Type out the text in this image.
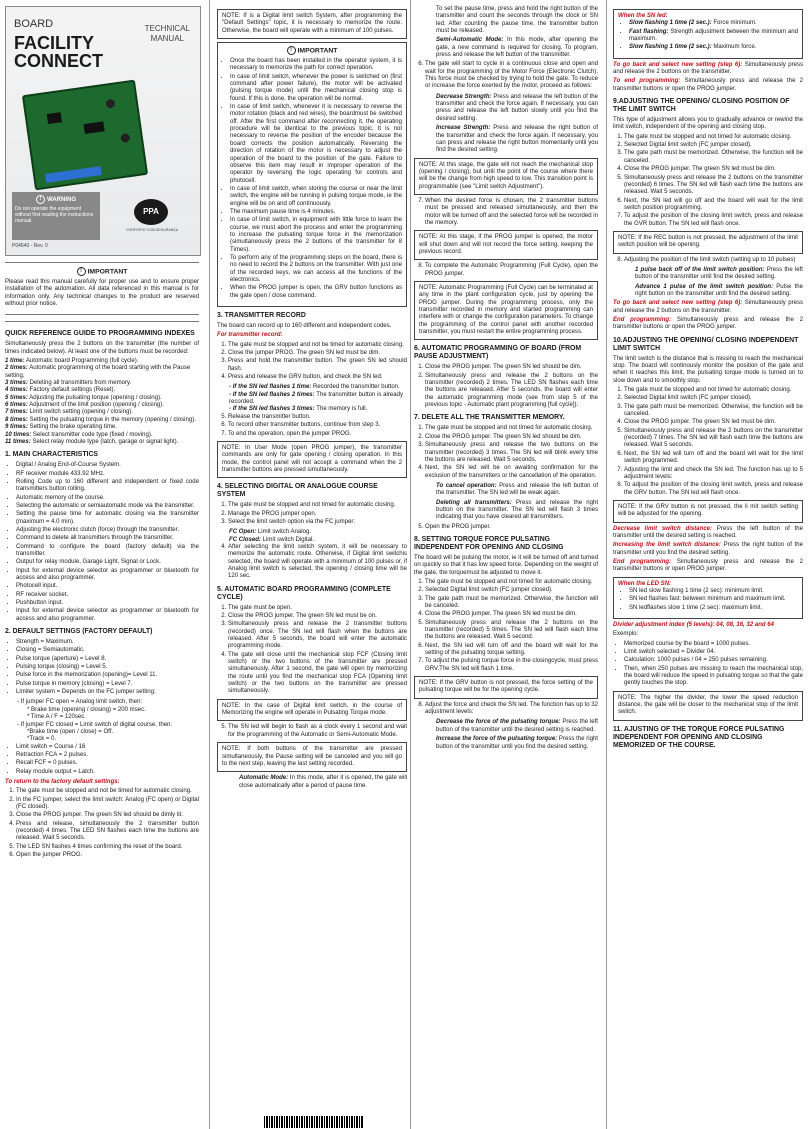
BOARD
FACILITY
CONNECT
TECHNICAL
MANUAL
! WARNING
Do not operate the equipment without first reading the instructions manual.
PPA
CONFORTO COM SEGURANÇA
P04640 - Rev. 0
! IMPORTANT

Please read this manual carefully for proper use and to ensure proper installation of the automation. All data referenced in this manual is for information only. Any technical changes to the product are reserved without prior notice.

QUICK REFERENCE GUIDE TO PROGRAMMING INDEXES

Simultaneously press the 2 buttons on the transmitter (the number of times indicated below). At least one of the buttons must be recorded:

1 time: Automatic board Programming (full cycle).
2 times: Automatic programming of the board starting with the Pause setting.
3 times: Deleting all transmitters from memory.
4 times: Factory default settings (Reset).
5 times: Adjusting the pulsating torque (opening / closing).
6 times: Adjustment of the limit position (opening / closing).
7 times: Limit switch setting (opening / closing).
8 times: Setting the pulsating torque in the memory (opening / closing).
9 times: Setting the brake operating time.
10 times: Select transmitter code type (fixed / moving).
11 times: Select relay module type (latch, garage or signal light).
1. MAIN CHARACTERISTICS
• Digital / Analog End-of-Course System.
• RF receiver module 433.92 MHz.
• Rolling Code up to 160 different and independent or fixed code transmitters button rolling.
• Automatic memory of the course.
• Selecting the automatic or semiautomatic mode via the transmitter.
• Setting the pause time for automatic closing via the transmitter (maximum = 4.0 min).
• Adjusting the electronic clutch (force) through the transmitter.
• Command to delete all transmitters through the transmitter.
• Command to configure the board (factory default) via the transmitter.
• Output for relay module, Garage Light, Signal or Lock.
• Input for external device selector as programmer or bluetooth for access and also programmer.
• Photocell input.
• RF receiver socket.
• Pushbutton input.
• Input for external device selector as programmer or bluetooth for access and also programmer.
2. DEFAULT SETTINGS (FACTORY DEFAULT)
• Strength = Maximum.
• Closing = Semiautomatic.
• Pulse torque (aperture) = Level 8.
• Pulsing torque (closing) = Level 5.
• Pulse force in the memorization (opening)= Level 11.
• Pulse torque in memory (closing) = Level 7.
• Limiter system = Depends on the FC jumper setting:
- If jumper FC open = Analog limit switch, then:
* Brake time (opening / closing) = 200 msec.
* Time A / F = 120sec.
- If jumper FC closed = Limit switch of digital course, then:
*Brake time (open / close) = Off.
*Track = 0.
• Limit switch = Course / 16
• Retraction FCA = 2 pulses.
• Recall FCF = 0 pulses.
• Relay module output = Latch.

To return to the factory default settings:

1. The gate must be stopped and not be timed for automatic closing.
2. In the FC jumper, select the limit switch: Analog (FC open) or Digital (FC closed).
3. Close the PROG jumper. The green SN led should be dimly lit.
4. Press and release, simultaneously the 2 transmitter button (recorded) 4 times. The LED SN flashes each time the buttons are released. Wait 5 seconds.
5. The LED SN flashes 4 times confirming the reset of the board.
6. Open the jumper PROG.

NOTE: If is a Digital limit switch System, after programming the "Default Settings" topic, it is necessary to memorize the route. Otherwise, the board will operate with a minimum of 100 pulses.

! IMPORTANT
• Once the board has been installed in the operator system, it is necessary to memorize the path for correct operation.
• In case of limit switch, whenever the power is switched on (first command after power failure), the motor will be activated (pulsing torque mode) until the mechanical closing stop is found. If this is done, the operation will be normal.
• In case of limit switch, whenever it is necessary to reverse the motor rotation (black and red wires), the boardmust be switched off. After the first command after reconnecting it, the operating procedure will be identical to the previous topic. It is not necessary to reverse the position of the encoder because the board corrects the position automatically. Reversing the direction of rotation of the motor is necessary to adjust the operation of the board to the position of the gate. Failure to observe this item may result in improper operation of the operator by reversing the logic operating for controls and photocell.
• In case of limit switch, when storing the course or near the limit switch, the engine will be running in pulsing torque mode, ie the engine will be on and off continuously.
• The maximum pause time is 4 minutes.
• In case of limit switch, in equipment with little force to learn the course, we must abort the process and enter the programming to increase the pulsating torque force in the memorization (simultaneously press the 2 buttons of the transmitter for 8 Times).
• To perform any of the programming steps on the board, there is no need to record the 2 buttons on the transmitter. With just one of the recorded keys, we can access all the functions of the electronics.
• When the PROG jumper is open, the GRV button functions as the gate open / close command.
3. TRANSMITTER RECORD

The board can record up to 160 different and independent codes.

For transmitter record:

1. The gate must be stopped and not be timed for automatic closing.
2. Close the jumper PROG. The green SN led must be dim.
3. Press and hold the transmitter button. The green SN led should flash.
4. Press and release the GRV button, and check the SN led:
- If the SN led flashes 1 time: Recorded the transmitter button.
- If the SN led flashes 2 times: The transmitter button is already recorded.
- If the SN led flashes 3 times: The memory is full.
5. Release the transmitter button.
6. To record other transmitter buttons, continue from step 3.
7. To end the operation, open the jumper PROG.

NOTE: In User Mode (open PROG jumper), the transmitter commands are only for gate opening / closing operation. In this mode, the control panel will not accept a command when the 2 transmitter buttons are pressed simultaneously.

4. SELECTING DIGITAL OR ANALOGUE COURSE SYSTEM
1. The gate must be stopped and not timed for automatic closing.
2. Manage the PROG jumper open.
3. Select the limit switch option via the FC jumper:
FC Open: Limit switch Analog.
FC Closed: Limit switch Digital.
4. After selecting the limit switch system, it will be necessary to memorize the automatic route. Otherwise, if Digital limit switchis selected, the board will operate with a minimum of 100 pulses or, if Analog limit switch is selected, the opening / closing time will be 120 sec.
5. AUTOMATIC BOARD PROGRAMMING (COMPLETE CYCLE)
1. The gate must be open.
2. Close the PROG jumper. The green SN led must be on.
3. Simultaneously press and release the 2 transmitter buttons (recorded) once. The SN led will flash when the buttons are released. After 5 seconds, the board will enter the automatic programming mode.
4. The gate will close until the mechanical stop FCF (Closing limit switch) or the two buttons of the transmitter are pressed simultaneously. After 1 second, the gate will open by memorizing the route until you find the mechanical stop FCA (Opening limit switch) or the two buttons on the transmitter are pressed simultaneously.

NOTE: In the case of Digital limit switch, in the course of Memorizing the engine will operate in Pulsating Torque mode.

5. The SN led will begin to flash as a clock every 1 second and wait for the programming of the Automatic or Semi-Automatic Mode.

NOTE: If both buttons of the transmitter are pressed simultaneously, the Pause setting will be canceled and you will go to the next step, leaving the last setting recorded.

Automatic Mode: In this mode, after it is opened, the gate will close automatically after a period of pause time.

To set the pause time, press and hold the right button of the transmitter and count the seconds through the clock or SN led. After counting the pause time, the transmitter button must be released.

Semi-Automatic Mode: In this mode, after opening the gate, a new command is required for closing. To program, press and release the left button of the transmitter.

6. The gate will start to cycle in a continuous close and open and wait for the programming of the Motor Force (Electronic Clutch). This force must be checked by trying to hold the gate. To reduce or increase the force exerted by the motor, proceed as follows:

Decrease Strength: Press and release the left button of the transmitter and check the force again. If necessary, you can press and release the left button slowly until you find the desired setting.

Increase Strength: Press and release the right button of the transmitter and check the force again. If necessary, you can press and release the right button momentarily until you find the desired setting.

NOTE: At this stage, the gate will not reach the mechanical stop (opening / closing), but until the point of the course where there will be the change from high speed to low. This transition point is programmable (see "Limit switch Adjustment").

7. When the desired force is chosen, the 2 transmitter buttons must be pressed and released simultaneously, and then the motor will be turned off and the selected force will be recorded in the memory.

NOTE: At this stage, if the PROG jumper is opened, the motor will shut down and will not record the force setting, keeping the previous record.

8. To complete the Automatic Programming (Full Cycle), open the PROG jumper.

NOTE: Automatic Programming (Full Cycle) can be terminated at any time in the plant configuration cycle, just by opening the PROG jumper. During the programming process, only the transmitter recorded in memory and started programming can interfere with or change the configuration parameters. To change the programming of the control panel with another recorded transmitter, you must restart the entire programming process.

6. AUTOMATIC PROGRAMMING OF BOARD (FROM PAUSE ADJUSTMENT)
1. Close the PROG jumper. The green SN led should be dim.
2. Simultaneously press and release the 2 buttons on the transmitter (recorded) 2 times. The LED SN flashes each time the buttons are released. After 5 seconds, the board will enter the automatic programming mode (see from step 5 of the previous topic - Automatic plant programming [full cycle]).
7. DELETE ALL THE TRANSMITTER MEMORY.
1. The gate must be stopped and not timed for automatic closing.
2. Close the PROG jumper. The green SN led should be dim.
3. Simultaneously press and release the two buttons on the transmitter (recorded) 3 times. The SN led will blink every time the buttons are released. Wait 5 seconds.
4. Next, the SN led will be on awaiting confirmation for the exclusion of the transmitters or the cancellation of the operation.

To cancel operation: Press and release the left button of the transmitter. The SN led will be weak again.

Deleting all transmitters: Press and release the right button on the transmitter. The SN led will flash 3 times indicating that you have cleared all transmitters.

5. Open the PROG jumper.
8. SETTING TORQUE FORCE PULSATING INDEPENDENT FOR OPENING AND CLOSING

The board will be pulsing the motor, ie it will be turned off and turned on quickly so that it has low speed force. Depending on the weight of the gate, the torquemust be adjusted to move it.

1. The gate must be stopped and not timed for automatic closing.
2. Selected Digital limit switch (FC jumper closed).
3. The gate path must be memorized. Otherwise, the function will be canceled.
4. Close the PROG jumper. The green SN led must be dim.
5. Simultaneously press and release the 2 buttons on the transmitter (recorded) 5 times. The SN led will flash each time the buttons are released. Wait 5 second.
6. Next, the SN led will turn off and the board will wait for the setting of the pulsating torque setting.
7. To adjust the pulsing torque force in the closingcycle, must press GRV.The SN led will flash 1 time.

NOTE: If the GRV button is not pressed, the force setting of the pulsating torque will be for the opening cycle.

8. Adjust the force and check the SN led. The function has up to 32 adjustment levels:

Decrease the force of the pulsating torque: Press the left button of the transmitter until the desired setting is reached.

Increase the force of the pulsating torque: Press the right button of the transmitter until you find the desired setting.

When the SN led:

• Slow flashing 1 time (2 sec.): Force minimum.
• Fast flashing: Strength adjustment between the minimum and maximum.
• Slow flashing 1 time (2 sec.): Maximum force.

To go back and select new setting (step 6): Simultaneously press and release the 2 buttons on the transmitter.

To end programming: Simultaneously press and release the 2 transmitter buttons or open the PROG jumper.

9.ADJUSTING THE OPENING/ CLOSING POSITION OF THE LIMIT SWITCH

This type of adjustment allows you to gradually advance or rewind the limit switch, independent of the opening and closing stop.

1. The gate must be stopped and not timed for automatic closing.
2. Selected Digital limit switch (FC jumper closed).
3. The gate path must be memorized. Otherwise, the function will be canceled.
4. Close the PROG jumper. The green SN led must be dim.
5. Simultaneously press and release the 2 buttons on the transmitter (recorded) 6 times. The SN led will flash each time the buttons are released. Wait 5 seconds.
6. Next, the SN led will go off and the board will wait for the limit switch position programming.
7. To adjust the position of the closing limit switch, press and release the GVR button. The SN led will flash once.

NOTE: If the REC button is not pressed, the adjustment of the limit switch position will be opening.

8. Adjusting the position of the limit switch (setting up to 10 pulses)

1 pulse back off of the limit switch position: Press the left button of the transmitter until find the desired setting.

Advance 1 pulse of the limit switch position: Pulse the right button on the transmitter until find the desired setting.

To go back and select new setting (step 6): Simultaneously press and release the 2 buttons on the transmitter.

End programming: Simultaneously press and release the 2 transmitter buttons or open the PROG jumper.

10.ADJUSTING THE OPENING/ CLOSING INDEPENDENT LIMIT SWITCH

The limit switch is the distance that is missing to reach the mechanical stop. The board will continously monitor the position of the gate and when it reaches this limit, the pulsating torque mode is turned on to slow down and to smoothly stop.

1. The gate must be stopped and not timed for automatic closing.
2. Selected Digital limit switch (FC jumper closed).
3. The gate path must be memorized. Otherwise, the function will be canceled.
4. Close the PROG jumper. The green SN led must be dim.
5. Simultaneously press and release the 2 buttons on the transmitter (recorded) 7 times. The SN led will flash each time the buttons are released. Wait 5 seconds.
6. Next, the SN led will turn off and the board will wait for the limit switch programmed.
7. Adjusting the limit and check the SN led. The function has up to 5 adjustment levels:
8. To adjust the position of the closing limit switch, press and release the GRV button. The SN led will flash once.

NOTE: If the GRV button is not pressed, the li mit switch setting will be adjusted for the opening.

Decrease limit switch distance: Press the left button of the transmitter until the desired setting is reached.

Increasing the limit switch distance: Press the right button of the transmitter until you find the desired setting.

End programming: Simultaneously press and release the 2 transmitter buttons or open PROG jumper.

When the LED SN:

• SN led slow flashing 1 time (2 sec): minimum limit.
• SN led flashes fast: between minimum and maximum limit.
• SN ledflashes slow 1 time (2 sec): maximum limit.

Divider adjustment index (5 levels): 04, 08, 16, 32 and 64

Exemplo:

• Memorized course by the board = 1000 pulses.
• Limit switch selected = Divider 04.
• Calculation: 1000 pulses / 04 = 250 pulses remaining.
• Then, when 250 pulses are missing to reach the mechanical stop, the board will reduce the speed in pulsating torque so that the gate gently touches the stop.

NOTE: The higher the divider, the lower the speed reduction distance, the gate will be closer to the mechanical stop of the limit switch.

11. AJUSTING OF THE TORQUE FORCE PULSATING INDEPENDENT FOR OPENING AND CLOSING MEMORIZED OF THE COURSE.
